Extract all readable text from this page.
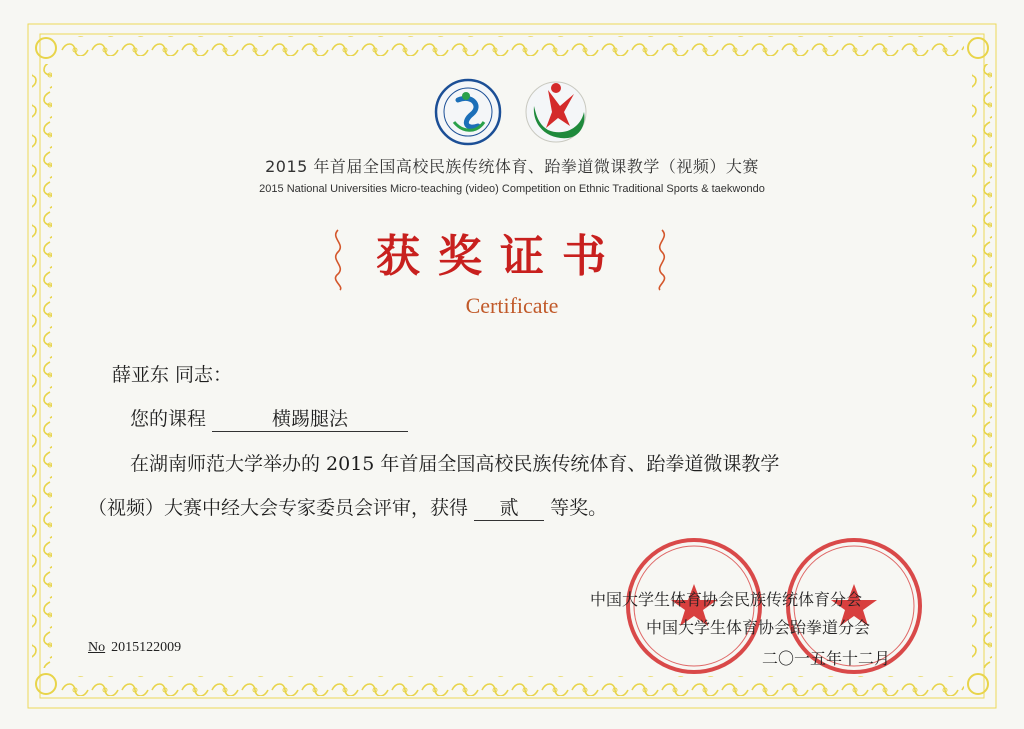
2015 年首届全国高校民族传统体育、跆拳道微课教学（视频）大赛
2015 National Universities Micro-teaching (video) Competition on Ethnic Traditional Sports & taekwondo
获奖证书
Certificate
薛亚东 同志：
您的课程	横踢腿法
在湖南师范大学举办的 2015 年首届全国高校民族传统体育、跆拳道微课教学
（视频）大赛中经大会专家委员会评审，获得 贰 等奖。
No 2015122009
中国大学生体育协会民族传统体育分会
中国大学生体育协会跆拳道分会
二〇一五年十二月
